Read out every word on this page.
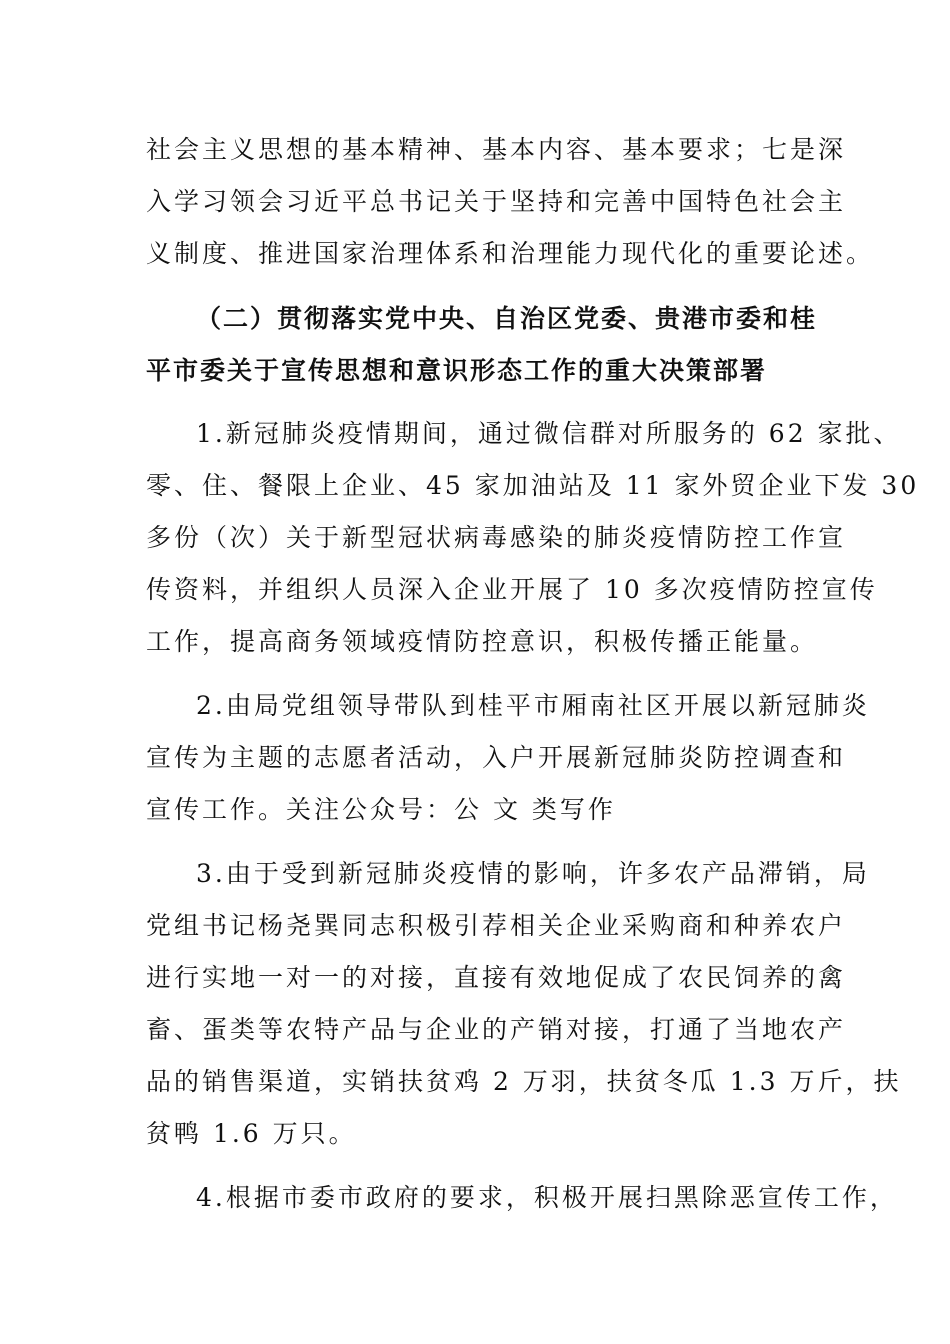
社会主义思想的基本精神、基本内容、基本要求；七是深
入学习领会习近平总书记关于坚持和完善中国特色社会主
义制度、推进国家治理体系和治理能力现代化的重要论述。
（二）贯彻落实党中央、自治区党委、贵港市委和桂
平市委关于宣传思想和意识形态工作的重大决策部署
1.新冠肺炎疫情期间，通过微信群对所服务的 62 家批、
零、住、餐限上企业、45 家加油站及 11 家外贸企业下发 30
多份（次）关于新型冠状病毒感染的肺炎疫情防控工作宣
传资料，并组织人员深入企业开展了 10 多次疫情防控宣传
工作，提高商务领域疫情防控意识，积极传播正能量。
2.由局党组领导带队到桂平市厢南社区开展以新冠肺炎
宣传为主题的志愿者活动，入户开展新冠肺炎防控调查和
宣传工作。关注公众号：公 文 类写作
3.由于受到新冠肺炎疫情的影响，许多农产品滞销，局
党组书记杨尧巽同志积极引荐相关企业采购商和种养农户
进行实地一对一的对接，直接有效地促成了农民饲养的禽
畜、蛋类等农特产品与企业的产销对接，打通了当地农产
品的销售渠道，实销扶贫鸡 2 万羽，扶贫冬瓜 1.3 万斤，扶
贫鸭 1.6 万只。
4.根据市委市政府的要求，积极开展扫黑除恶宣传工作，
